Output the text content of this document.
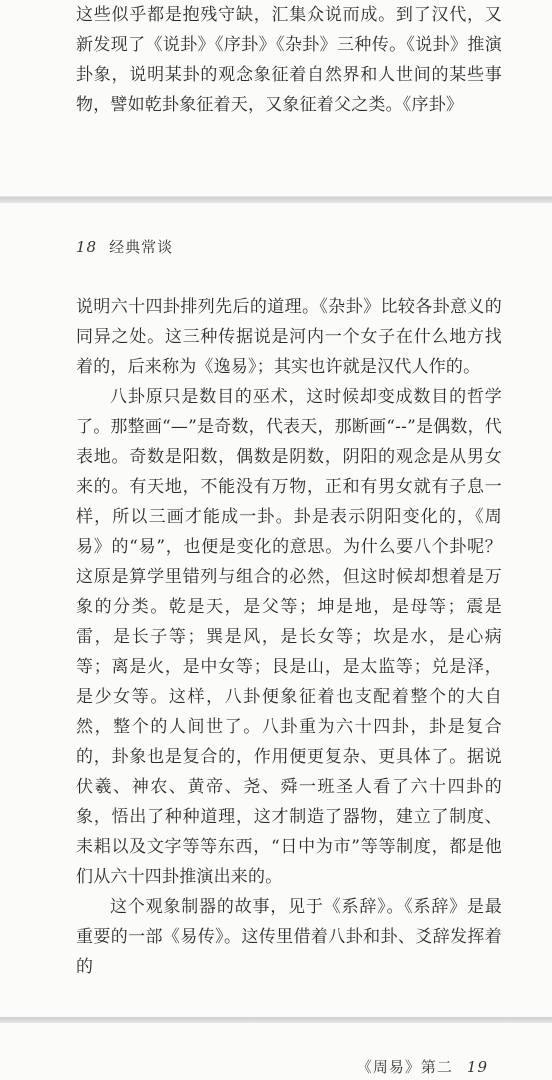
这些似乎都是抱残守缺，汇集众说而成。到了汉代，又新发现了《说卦》《序卦》《杂卦》三种传。《说卦》推演卦象，说明某卦的观念象征着自然界和人世间的某些事物，譬如乾卦象征着天，又象征着父之类。《序卦》

18 经典常谈

说明六十四卦排列先后的道理。《杂卦》比较各卦意义的同异之处。这三种传据说是河内一个女子在什么地方找着的，后来称为《逸易》；其实也许就是汉代人作的。

八卦原只是数目的巫术，这时候却变成数目的哲学了。那整画“—”是奇数，代表天，那断画“--”是偶数，代表地。奇数是阳数，偶数是阴数，阴阳的观念是从男女来的。有天地，不能没有万物，正和有男女就有子息一样，所以三画才能成一卦。卦是表示阴阳变化的，《周易》的“易”，也便是变化的意思。为什么要八个卦呢？这原是算学里错列与组合的必然，但这时候却想着是万象的分类。乾是天，是父等；坤是地，是母等；震是雷，是长子等；巽是风，是长女等；坎是水，是心病等；离是火，是中女等；艮是山，是太监等；兑是泽，是少女等。这样，八卦便象征着也支配着整个的大自然，整个的人间世了。八卦重为六十四卦，卦是复合的，卦象也是复合的，作用便更复杂、更具体了。据说伏羲、神农、黄帝、尧、舜一班圣人看了六十四卦的象，悟出了种种道理，这才制造了器物，建立了制度、耒耜以及文字等等东西，“日中为市”等等制度，都是他们从六十四卦推演出来的。

这个观象制器的故事，见于《系辞》。《系辞》是最重要的一部《易传》。这传里借着八卦和卦、爻辞发挥着的

《周易》第二 19
